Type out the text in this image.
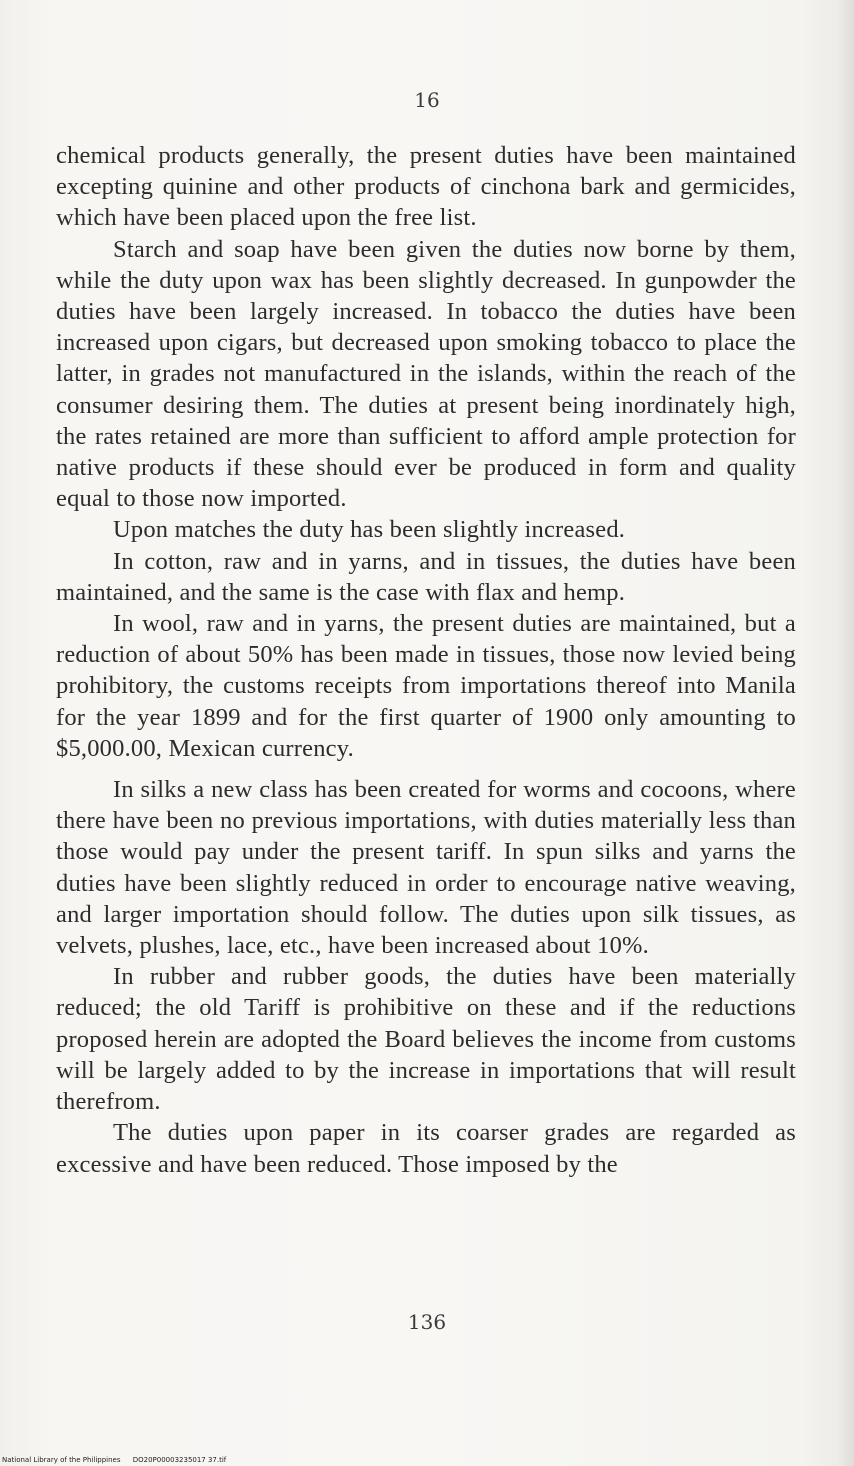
16

chemical products generally, the present duties have been maintained excepting quinine and other products of cinchona bark and germicides, which have been placed upon the free list.

Starch and soap have been given the duties now borne by them, while the duty upon wax has been slightly decreased. In gunpowder the duties have been largely increased. In tobacco the duties have been increased upon cigars, but decreased upon smoking tobacco to place the latter, in grades not manufactured in the islands, within the reach of the consumer desiring them. The duties at present being inordinately high, the rates retained are more than sufficient to afford ample protection for native products if these should ever be produced in form and quality equal to those now imported.

Upon matches the duty has been slightly increased.

In cotton, raw and in yarns, and in tissues, the duties have been maintained, and the same is the case with flax and hemp.

In wool, raw and in yarns, the present duties are maintained, but a reduction of about 50% has been made in tissues, those now levied being prohibitory, the customs receipts from importations thereof into Manila for the year 1899 and for the first quarter of 1900 only amounting to $5,000.00, Mexican currency.

In silks a new class has been created for worms and cocoons, where there have been no previous importations, with duties materially less than those would pay under the present tariff. In spun silks and yarns the duties have been slightly reduced in order to encourage native weaving, and larger importation should follow. The duties upon silk tissues, as velvets, plushes, lace, etc., have been increased about 10%.

In rubber and rubber goods, the duties have been materially reduced; the old Tariff is prohibitive on these and if the reductions proposed herein are adopted the Board believes the income from customs will be largely added to by the increase in importations that will result therefrom.

The duties upon paper in its coarser grades are regarded as excessive and have been reduced. Those imposed by the

136

National Library of the Philippines DO20P00003235017 37.tif
